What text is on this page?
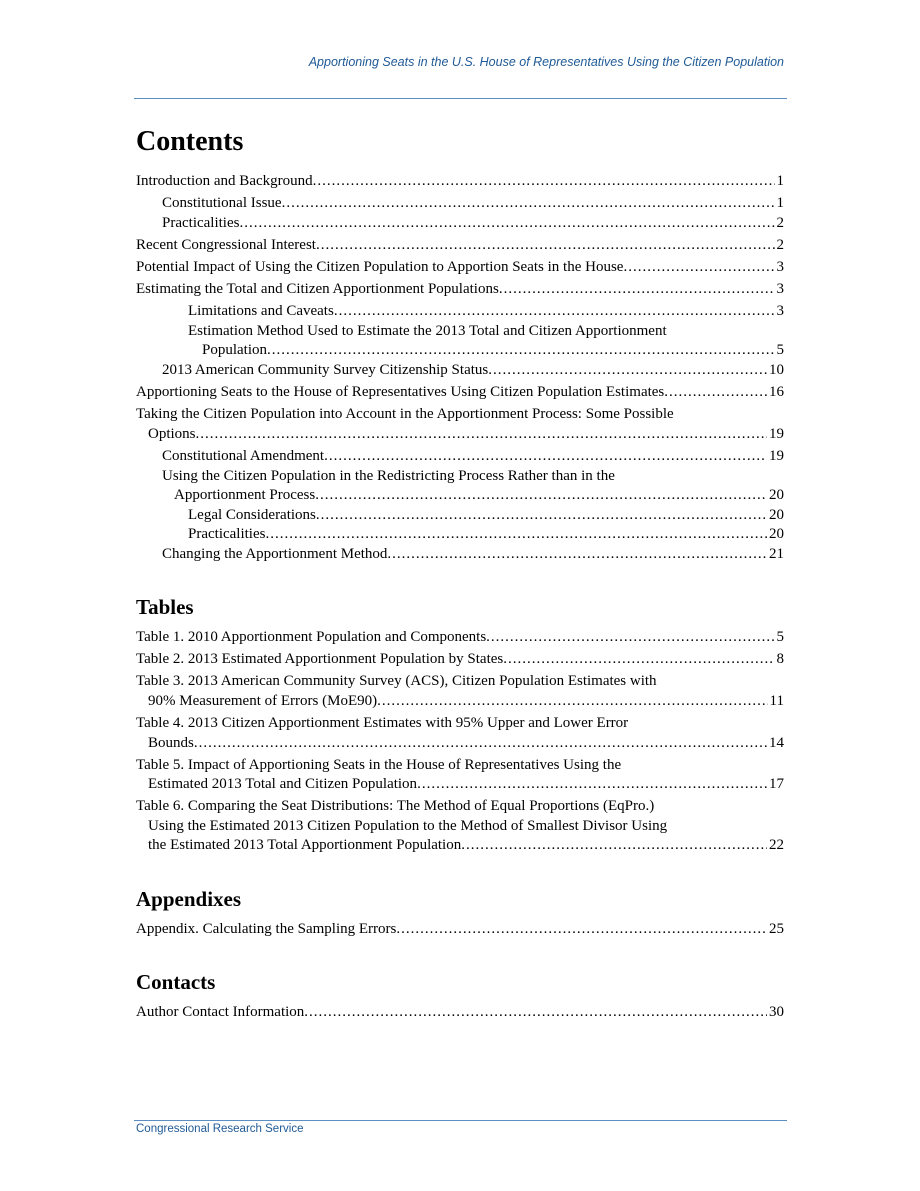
Apportioning Seats in the U.S. House of Representatives Using the Citizen Population
Contents
Introduction and Background .....	1
Constitutional Issue .....	1
Practicalities .....	2
Recent Congressional Interest .....	2
Potential Impact of Using the Citizen Population to Apportion Seats in the House .....	3
Estimating the Total and Citizen Apportionment Populations .....	3
Limitations and Caveats .....	3
Estimation Method Used to Estimate the 2013 Total and Citizen Apportionment
Population .....	5
2013 American Community Survey Citizenship Status .....	10
Apportioning Seats to the House of Representatives Using Citizen Population Estimates .....	16
Taking the Citizen Population into Account in the Apportionment Process: Some Possible
Options .....	19
Constitutional Amendment .....	19
Using the Citizen Population in the Redistricting Process Rather than in the
Apportionment Process .....	20
Legal Considerations .....	20
Practicalities .....	20
Changing the Apportionment Method .....	21
Tables
Table 1. 2010 Apportionment Population and Components .....	5
Table 2. 2013 Estimated Apportionment Population by States .....	8
Table 3. 2013 American Community Survey (ACS), Citizen Population Estimates with
90% Measurement of Errors (MoE90) .....	11
Table 4. 2013 Citizen Apportionment Estimates with 95% Upper and Lower Error
Bounds .....	14
Table 5. Impact of Apportioning Seats in the House of Representatives Using the
Estimated 2013 Total and Citizen Population .....	17
Table 6. Comparing the Seat Distributions: The Method of Equal Proportions (EqPro.)
Using the Estimated 2013 Citizen Population to the Method of Smallest Divisor Using
the Estimated 2013 Total Apportionment Population .....	22
Appendixes
Appendix. Calculating the Sampling Errors .....	25
Contacts
Author Contact Information .....	30
Congressional Research Service
